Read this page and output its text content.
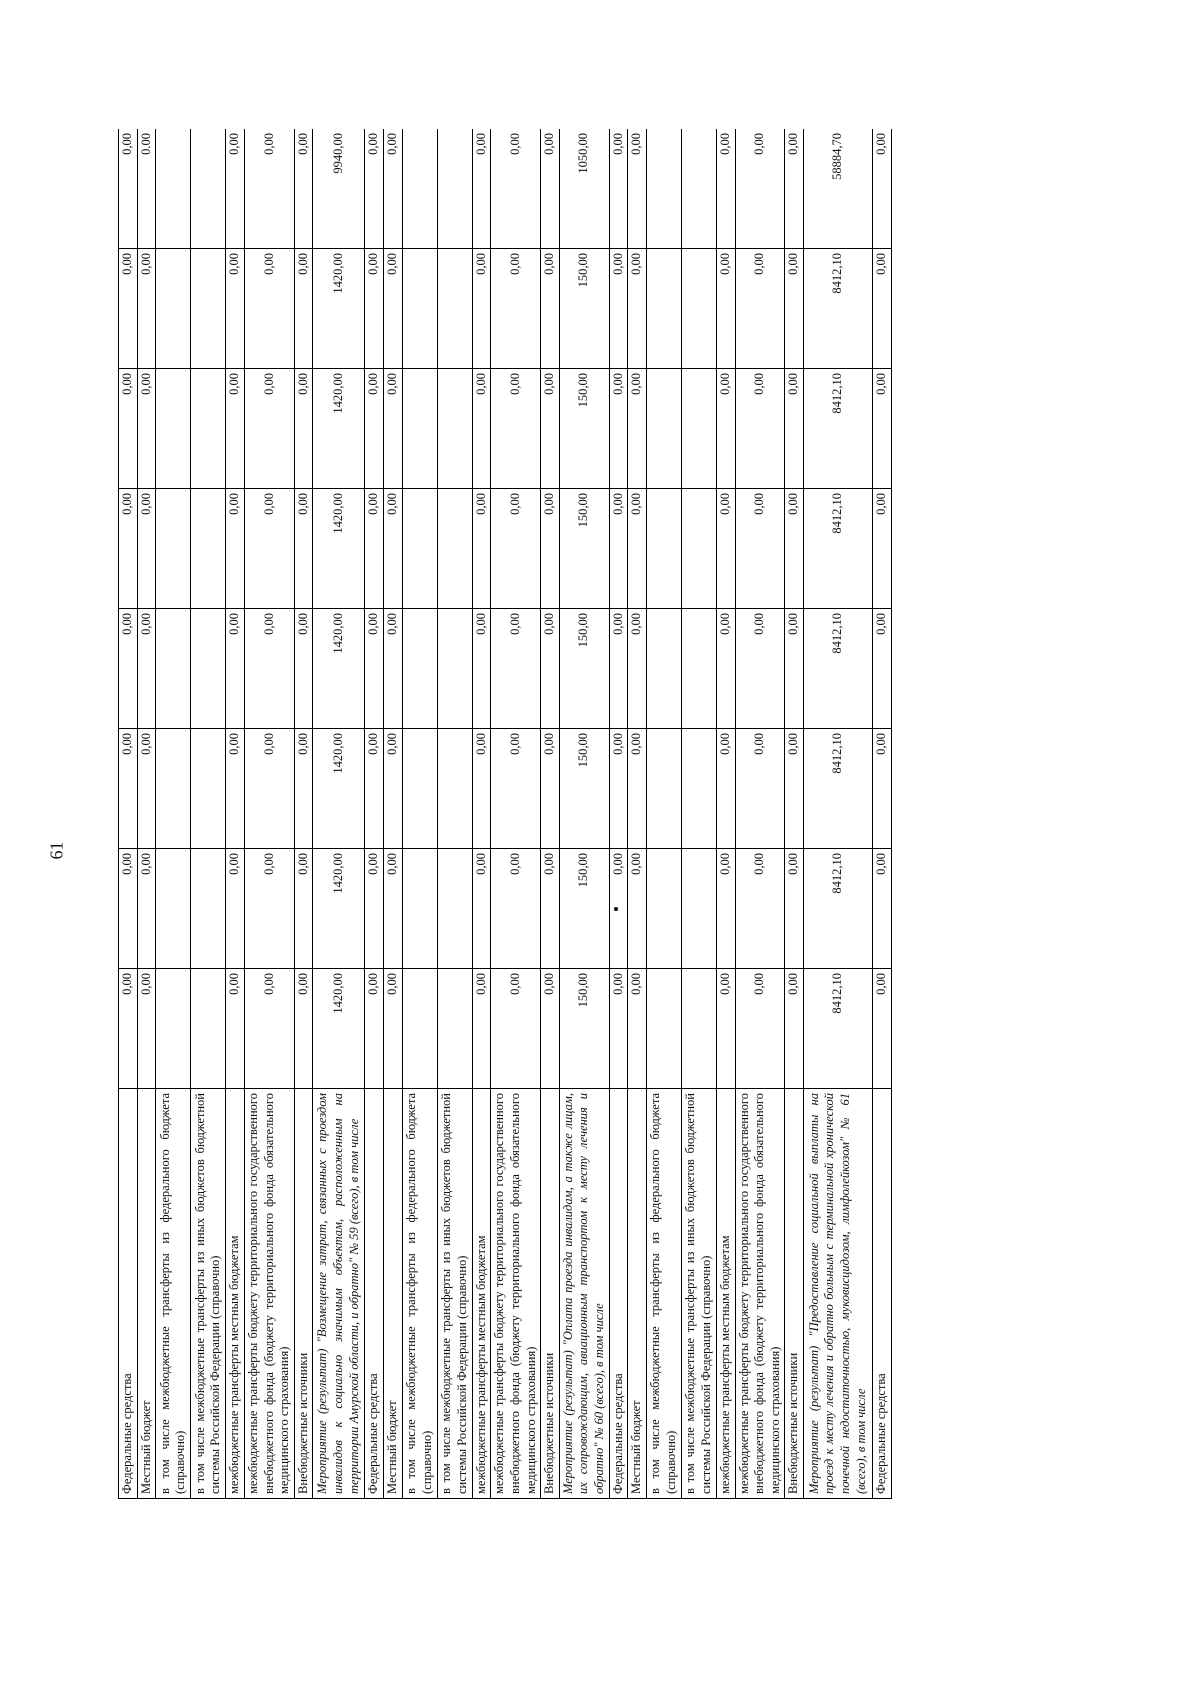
61
Федеральные средства	0,00	0,00	0,00	0,00	0,00	0,00	0,00	0,00
Местный бюджет	0,00	0,00	0,00	0,00	0,00	0,00	0,00	0.00
в том числе межбюджетные трансферты из федерального бюджета (справочно)								
в том числе межбюджетные трансферты из иных бюджетов бюджетной системы Российской Федерации (справочно)								
межбюджетные трансферты местным бюджетам	0,00	0,00	0,00	0,00	0,00	0,00	0,00	0,00
межбюджетные трансферты бюджету территориального государственного внебюджетного фонда (бюджету территориального фонда обязательного медицинского страхования)	0,00	0,00	0,00	0,00	0,00	0,00	0,00	0,00
Внебюджетные источники	0,00	0,00	0,00	0,00	0,00	0,00	0,00	0,00
Мероприятие (результат) "Возмещение затрат, связанных с проездом инвалидов к социально значимым объектам, расположенным на территории Амурской области, и обратно" № 59 (всего), в том числе	1420,00	1420,00	1420,00	1420,00	1420,00	1420,00	1420,00	9940,00
Федеральные средства	0,00	0,00	0,00	0,00	0,00	0,00	0,00	0,00
Местный бюджет	0,00	0,00	0,00	0,00	0,00	0,00	0,00	0,00
в том числе межбюджетные трансферты из федерального бюджета (справочно)								
в том числе межбюджетные трансферты из иных бюджетов бюджетной системы Российской Федерации (справочно)								
межбюджетные трансферты местным бюджетам	0,00	0,00	0,00	0,00	0,00	0,00	0,00	0,00
межбюджетные трансферты бюджету территориального государственного внебюджетного фонда (бюджету территориального фонда обязательного медицинского страхования)	0,00	0,00	0,00	0,00	0,00	0,00	0,00	0,00
Внебюджетные источники	0,00	0,00	0,00	0,00	0,00	0,00	0,00	0,00
Мероприятие (результат) "Оплата проезда инвалидам, а также лицам, их сопровождающим, авиационным транспортом к месту лечения и обратно" № 60 (всего), в том числе	150,00	150,00	150,00	150,00	150,00	150,00	150,00	1050,00
Федеральные средства	0,00	0,00	0,00	0,00	0,00	0,00	0,00	0,00
Местный бюджет	0,00	0,00	0,00	0,00	0,00	0,00	0,00	0,00
в том числе межбюджетные трансферты из федерального бюджета (справочно)								
в том числе межбюджетные трансферты из иных бюджетов бюджетной системы Российской Федерации (справочно)								
межбюджетные трансферты местным бюджетам	0,00	0,00	0,00	0,00	0,00	0,00	0,00	0,00
межбюджетные трансферты бюджету территориального государственного внебюджетного фонда (бюджету территориального фонда обязательного медицинского страхования)	0,00	0,00	0,00	0,00	0,00	0,00	0,00	0,00
Внебюджетные источники	0,00	0,00	0,00	0,00	0,00	0,00	0,00	0,00
Мероприятие (результат) "Предоставление социальной выплаты на проезд к месту лечения и обратно больным с терминальной хронической почечной недостаточностью, муковисцидозом, лимфолейкозом" № 61 (всего), в том числе	8412,10	8412,10	8412,10	8412,10	8412,10	8412,10	8412,10	58884,70
Федеральные средства	0,00	0,00	0,00	0,00	0,00	0,00	0,00	0,00
